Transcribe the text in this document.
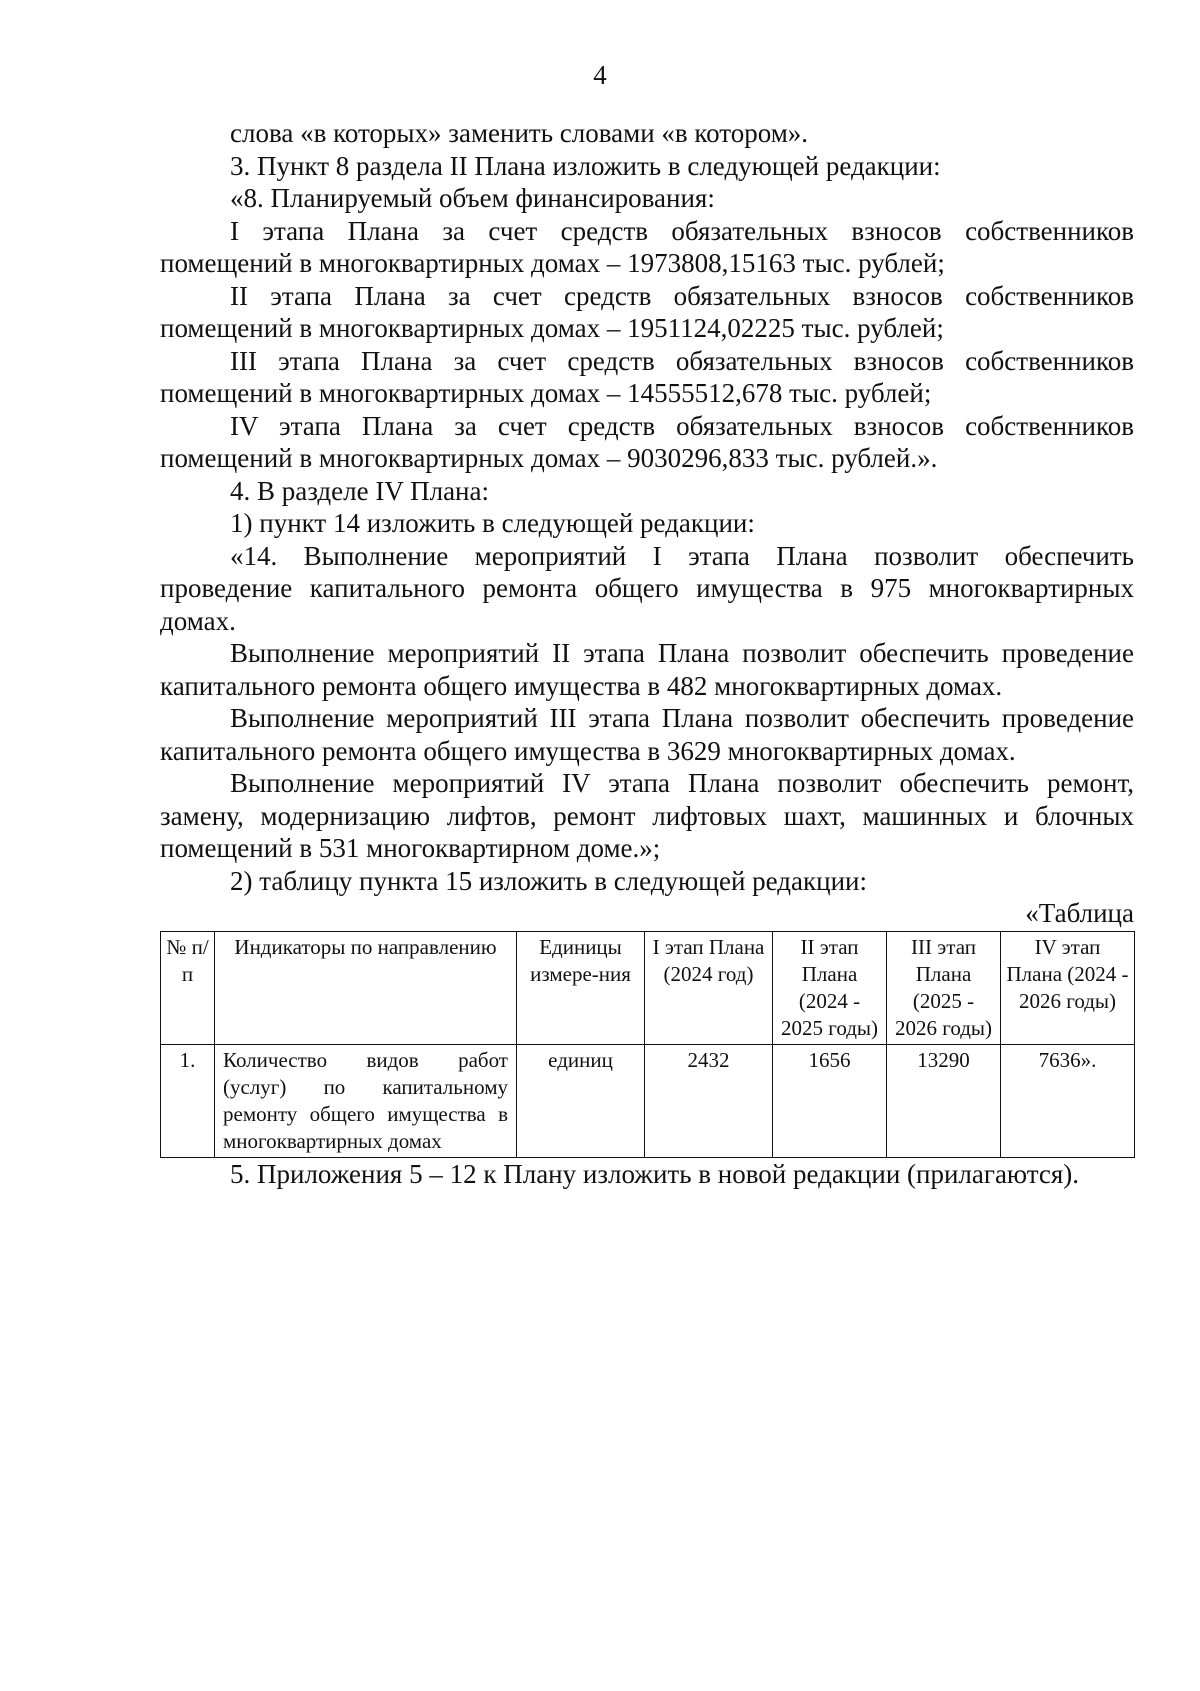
4

слова «в которых» заменить словами «в котором».

3. Пункт 8 раздела II Плана изложить в следующей редакции:

«8. Планируемый объем финансирования:

I этапа Плана за счет средств обязательных взносов собственников помещений в многоквартирных домах – 1973808,15163 тыс. рублей;

II этапа Плана за счет средств обязательных взносов собственников помещений в многоквартирных домах – 1951124,02225 тыс. рублей;

III этапа Плана за счет средств обязательных взносов собственников помещений в многоквартирных домах – 14555512,678 тыс. рублей;

IV этапа Плана за счет средств обязательных взносов собственников помещений в многоквартирных домах – 9030296,833 тыс. рублей.».

4. В разделе IV Плана:

1) пункт 14 изложить в следующей редакции:

«14. Выполнение мероприятий I этапа Плана позволит обеспечить проведение капитального ремонта общего имущества в 975 многоквартирных домах.

Выполнение мероприятий II этапа Плана позволит обеспечить проведение капитального ремонта общего имущества в 482 многоквартирных домах.

Выполнение мероприятий III этапа Плана позволит обеспечить проведение капитального ремонта общего имущества в 3629 многоквартирных домах.

Выполнение мероприятий IV этапа Плана позволит обеспечить ремонт, замену, модернизацию лифтов, ремонт лифтовых шахт, машинных и блочных помещений в 531 многоквартирном доме.»;

2) таблицу пункта 15 изложить в следующей редакции:

«Таблица

№ п/п	Индикаторы по направлению	Единицы измере-ния	I этап Плана (2024 год)	II этап Плана (2024 - 2025 годы)	III этап Плана (2025 - 2026 годы)	IV этап Плана (2024 - 2026 годы)
1.	Количество видов работ (услуг) по капитальному ремонту общего имущества в многоквартирных домах	единиц	2432	1656	13290	7636».

5. Приложения 5 – 12 к Плану изложить в новой редакции (прилагаются).
